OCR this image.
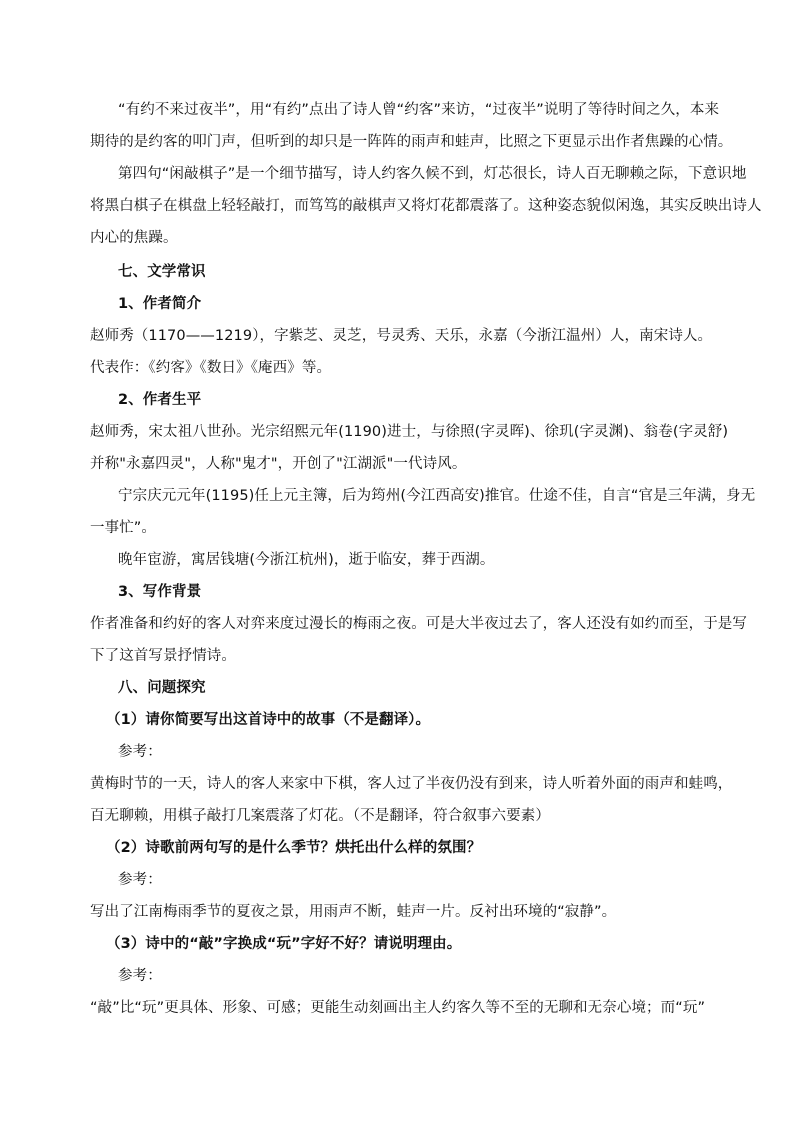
“有约不来过夜半”，用“有约”点出了诗人曾“约客”来访，“过夜半”说明了等待时间之久，本来
期待的是约客的叩门声，但听到的却只是一阵阵的雨声和蛙声，比照之下更显示出作者焦躁的心情。
第四句“闲敲棋子”是一个细节描写，诗人约客久候不到，灯芯很长，诗人百无聊赖之际，下意识地
将黑白棋子在棋盘上轻轻敲打，而笃笃的敲棋声又将灯花都震落了。这种姿态貌似闲逸，其实反映出诗人
内心的焦躁。
七、文学常识
1、作者简介
赵师秀（1170——1219），字紫芝、灵芝，号灵秀、天乐，永嘉（今浙江温州）人，南宋诗人。
代表作：《约客》《数日》《庵西》等。
2、作者生平
赵师秀，宋太祖八世孙。光宗绍熙元年(1190)进士，与徐照(字灵晖)、徐玑(字灵渊)、翁卷(字灵舒)
并称"永嘉四灵"，人称"鬼才"，开创了"江湖派"一代诗风。
宁宗庆元元年(1195)任上元主簿，后为筠州(今江西高安)推官。仕途不佳，自言“官是三年满，身无
一事忙”。
晚年宦游，寓居钱塘(今浙江杭州)，逝于临安，葬于西湖。
3、写作背景
作者准备和约好的客人对弈来度过漫长的梅雨之夜。可是大半夜过去了，客人还没有如约而至，于是写
下了这首写景抒情诗。
八、问题探究
（1）请你简要写出这首诗中的故事（不是翻译）。
参考：
黄梅时节的一天，诗人的客人来家中下棋，客人过了半夜仍没有到来，诗人听着外面的雨声和蛙鸣，
百无聊赖，用棋子敲打几案震落了灯花。（不是翻译，符合叙事六要素）
（2）诗歌前两句写的是什么季节？烘托出什么样的氛围？
参考：
写出了江南梅雨季节的夏夜之景，用雨声不断，蛙声一片。反衬出环境的“寂静”。
（3）诗中的“敲”字换成“玩”字好不好？请说明理由。
参考：
“敲”比“玩”更具体、形象、可感；更能生动刻画出主人约客久等不至的无聊和无奈心境；而“玩”
